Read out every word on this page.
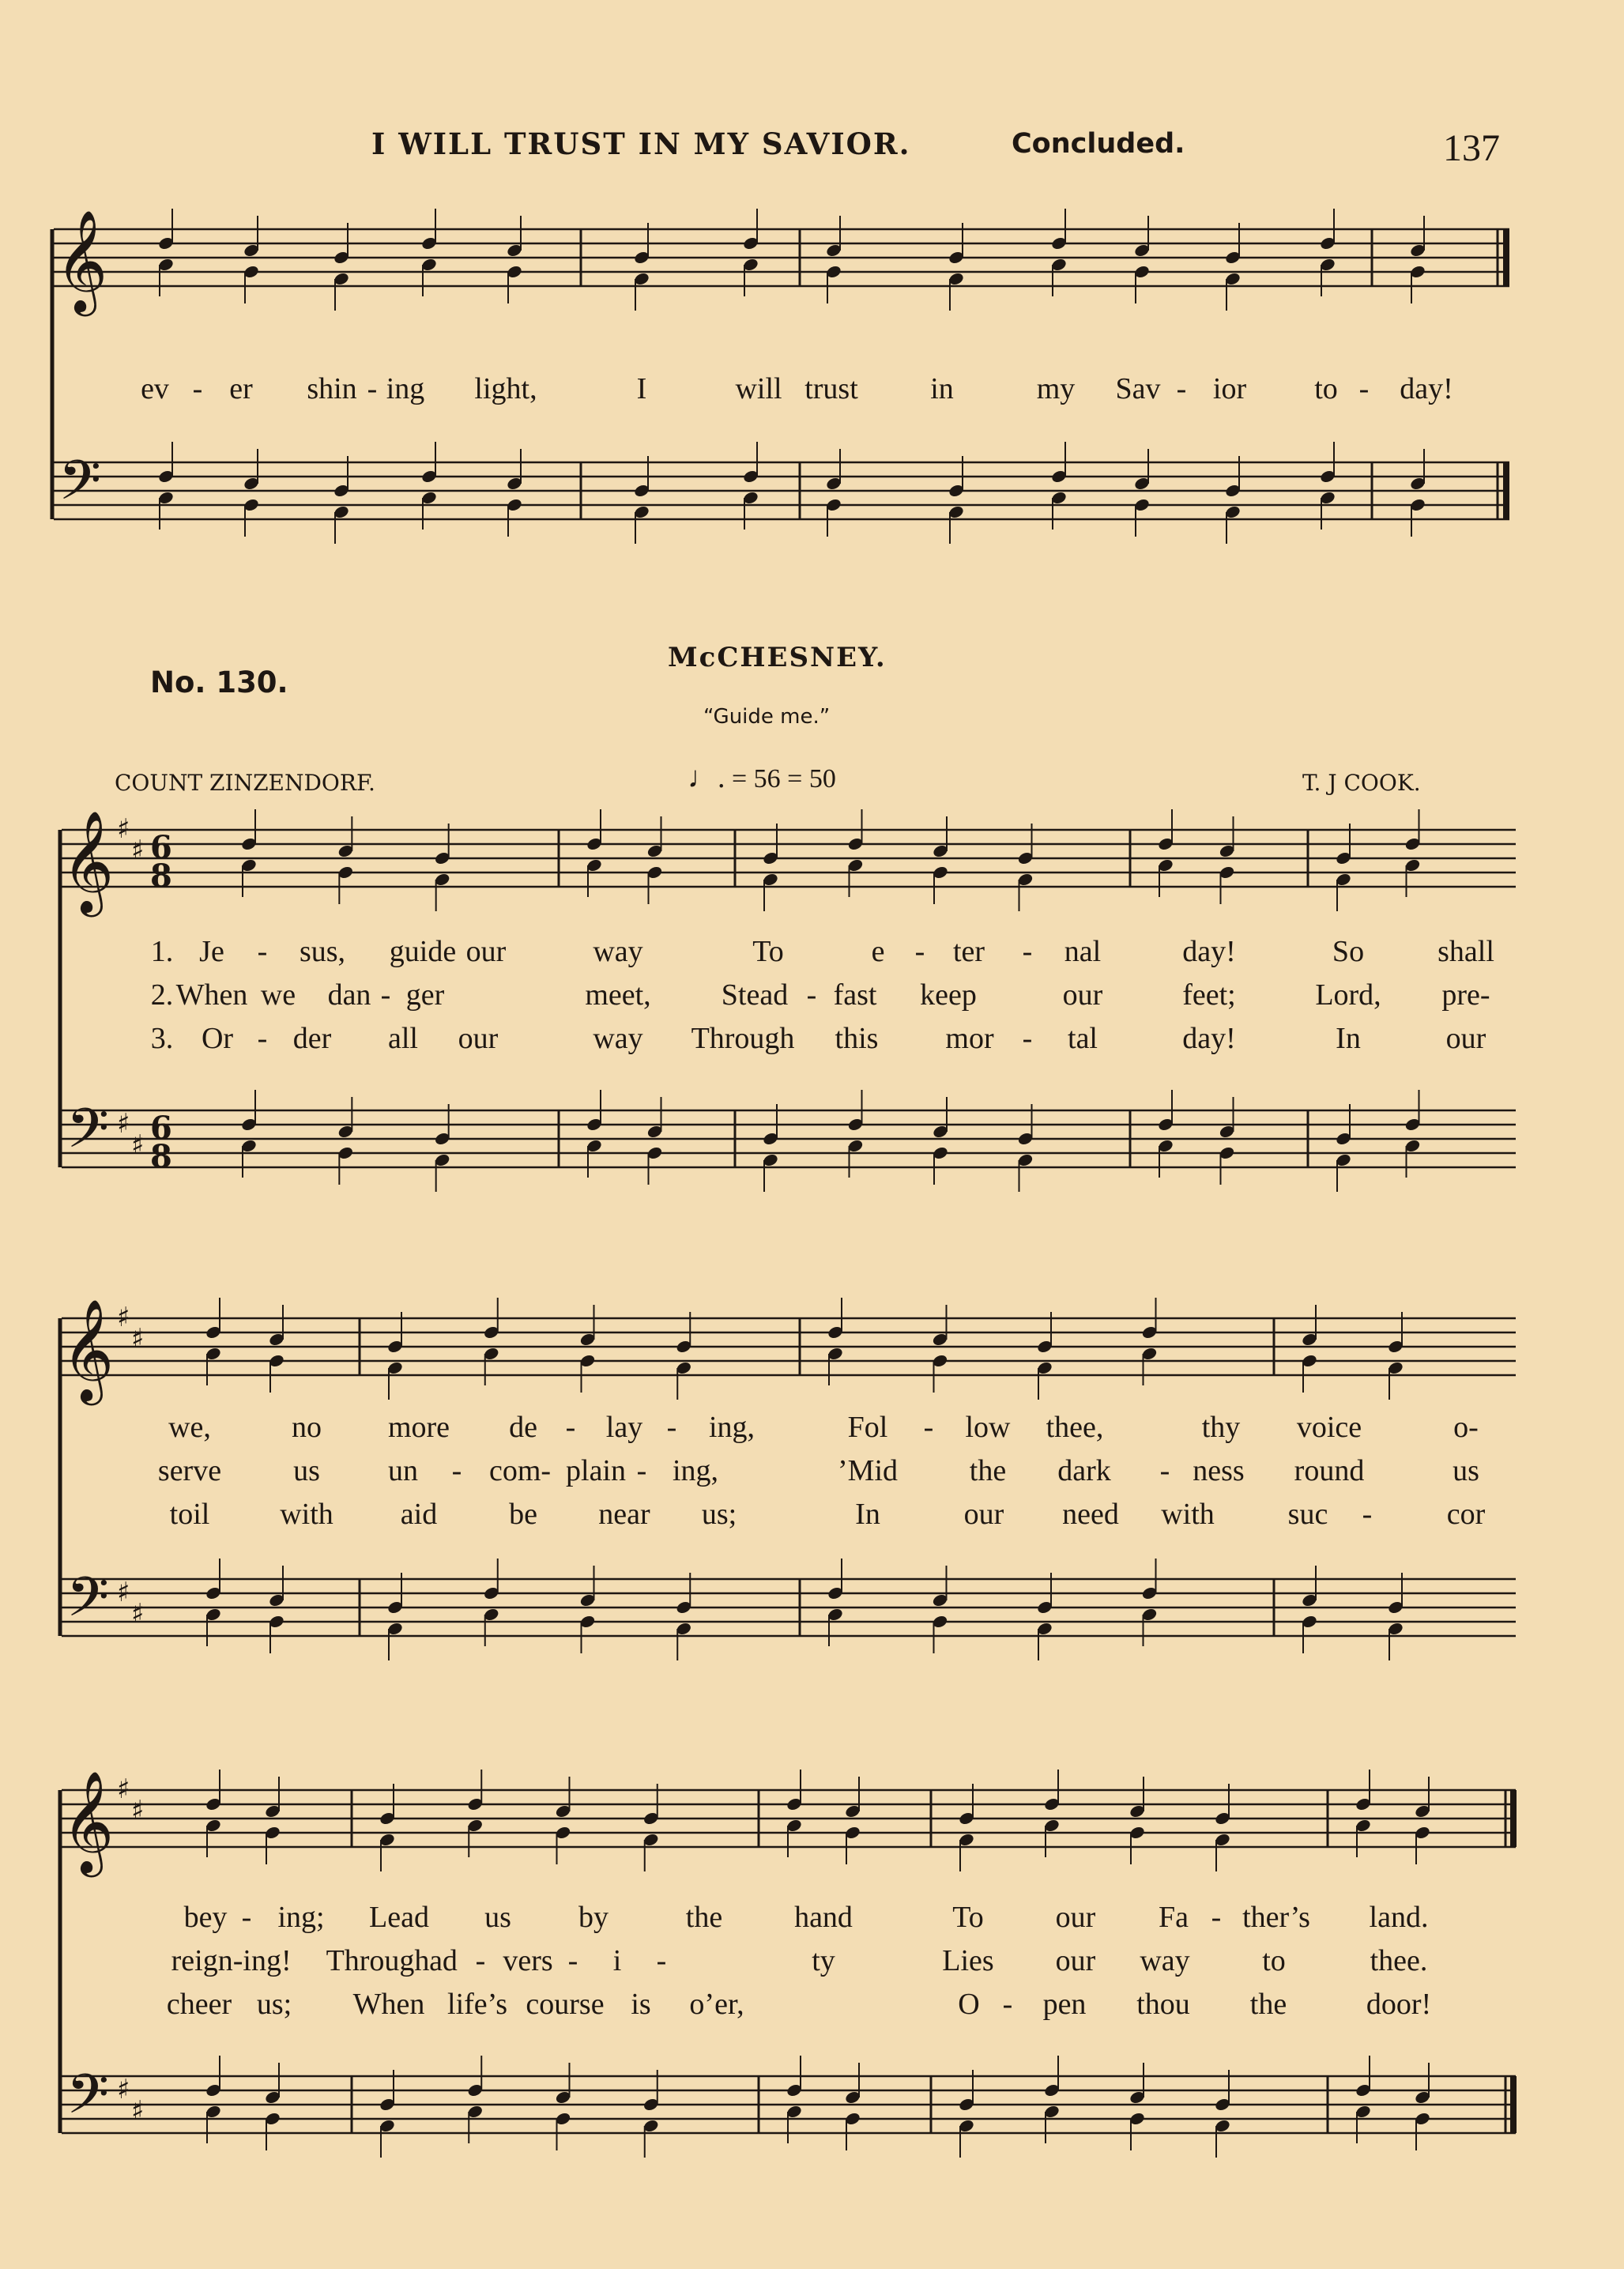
I WILL TRUST IN MY SAVIOR.	Concluded.	137
No. 130.
McCHESNEY.
“Guide me.”
COUNT ZINZENDORF.	T. J COOK.
♩. = 56 = 50
𝄞
𝄢
𝄞
𝄢
♯
♯
♯
♯
6
8
6
8
𝄞
𝄢
♯
♯
♯
♯
𝄞
𝄢
♯
♯
♯
♯
ev - er shin - ing light,	I	will trust in	my Sav - ior to - day!
1. Je - sus, guide our	way	To	e - ter - nal	day!	So shall
2. When we dan - ger	meet, Stead - fast keep	our	feet;	Lord, pre-
3. Or - der all our	way Through this mor - tal	day!	In	our
we,	no more de - lay - ing,	Fol - low thee,	thy voice	o-
serve us un - com- plain - ing,	’Mid the dark - ness round	us
toil with aid be near us;	In	our need with suc - cor
bey - ing; Lead us by	the hand	To our Fa - ther’s land.
reign- ing! Through ad - vers - i -	ty	Lies our way to	thee.
cheer us; When life’s course is o’er,	O - pen thou the	door!
